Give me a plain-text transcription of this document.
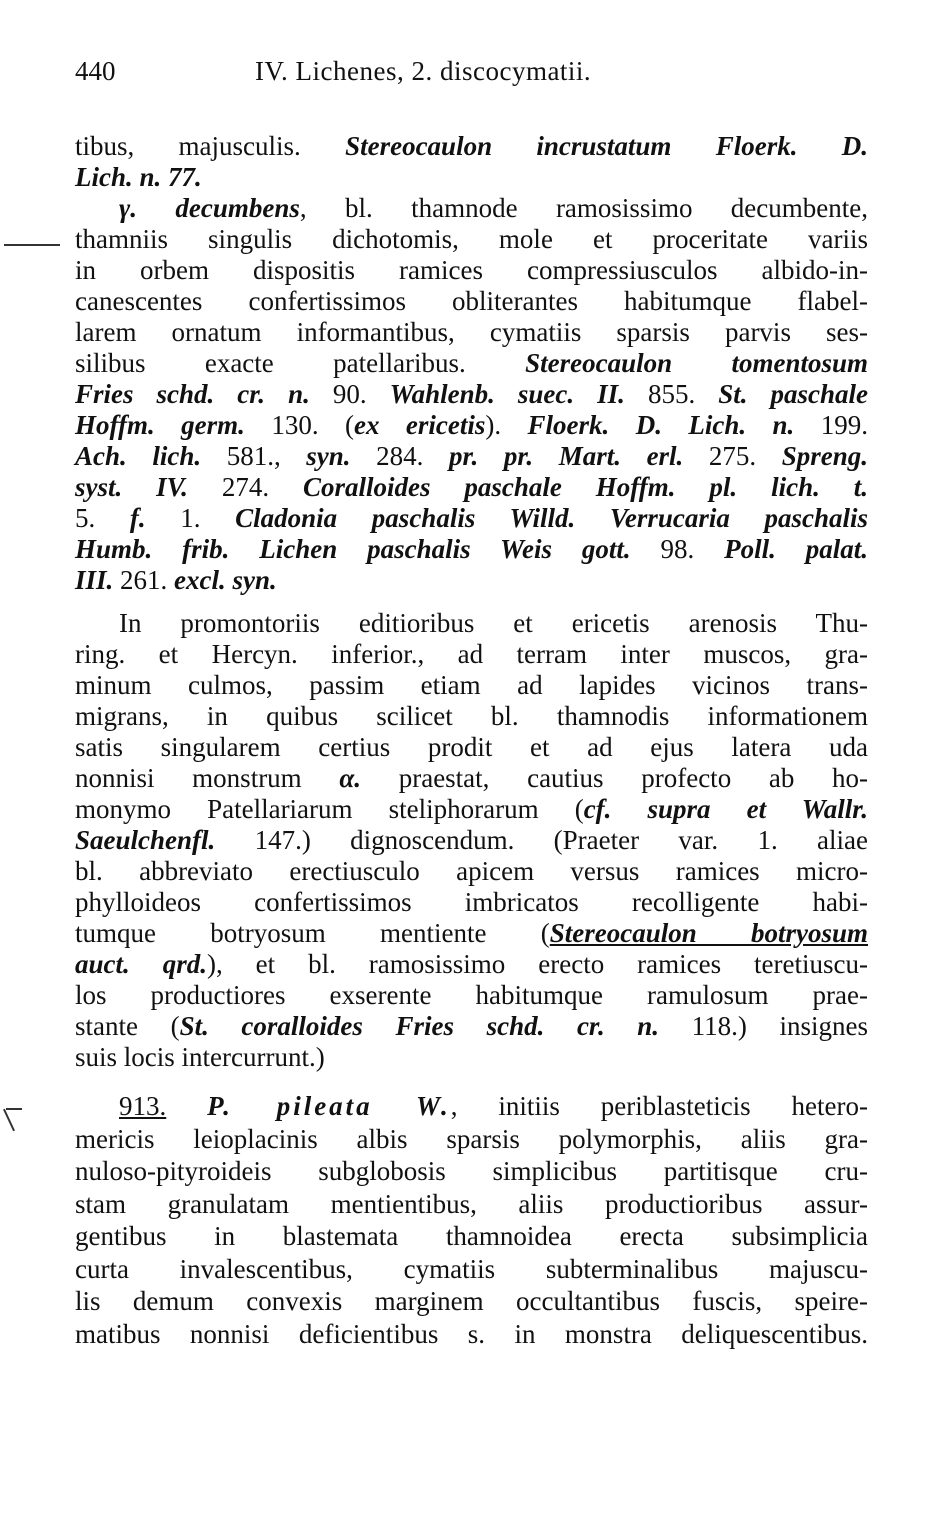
440	IV. Lichenes, 2. discocymatii.
tibus, majusculis. Stereocaulon incrustatum Floerk. D.
Lich. n. 77.
γ. decumbens, bl. thamnode ramosissimo decumbente,
thamniis singulis dichotomis, mole et proceritate variis
in orbem dispositis ramices compressiusculos albido-in-
canescentes confertissimos obliterantes habitumque flabel-
larem ornatum informantibus, cymatiis sparsis parvis ses-
silibus exacte patellaribus. Stereocaulon tomentosum
Fries schd. cr. n. 90. Wahlenb. suec. II. 855. St. paschale
Hoffm. germ. 130. (ex ericetis). Floerk. D. Lich. n. 199.
Ach. lich. 581., syn. 284. pr. pr. Mart. erl. 275. Spreng.
syst. IV. 274. Coralloides paschale Hoffm. pl. lich. t.
5. f. 1. Cladonia paschalis Willd. Verrucaria paschalis
Humb. frib. Lichen paschalis Weis gott. 98. Poll. palat.
III. 261. excl. syn.
In promontoriis editioribus et ericetis arenosis Thu-
ring. et Hercyn. inferior., ad terram inter muscos, gra-
minum culmos, passim etiam ad lapides vicinos trans-
migrans, in quibus scilicet bl. thamnodis informationem
satis singularem certius prodit et ad ejus latera uda
nonnisi monstrum α. praestat, cautius profecto ab ho-
monymo Patellariarum steliphorarum (cf. supra et Wallr.
Saeulchenfl. 147.) dignoscendum. (Praeter var. 1. aliae
bl. abbreviato erectiusculo apicem versus ramices micro-
phylloideos confertissimos imbricatos recolligente habi-
tumque botryosum mentiente (Stereocaulon botryosum
auct. qrd.), et bl. ramosissimo erecto ramices teretiuscu-
los productiores exserente habitumque ramulosum prae-
stante (St. coralloides Fries schd. cr. n. 118.) insignes
suis locis intercurrunt.)
913. P. pileata W., initiis periblasteticis hetero-
mericis leioplacinis albis sparsis polymorphis, aliis gra-
nuloso-pityroideis subglobosis simplicibus partitisque cru-
stam granulatam mentientibus, aliis productioribus assur-
gentibus in blastemata thamnoidea erecta subsimplicia
curta invalescentibus, cymatiis subterminalibus majuscu-
lis demum convexis marginem occultantibus fuscis, speire-
matibus nonnisi deficientibus s. in monstra deliquescentibus.
